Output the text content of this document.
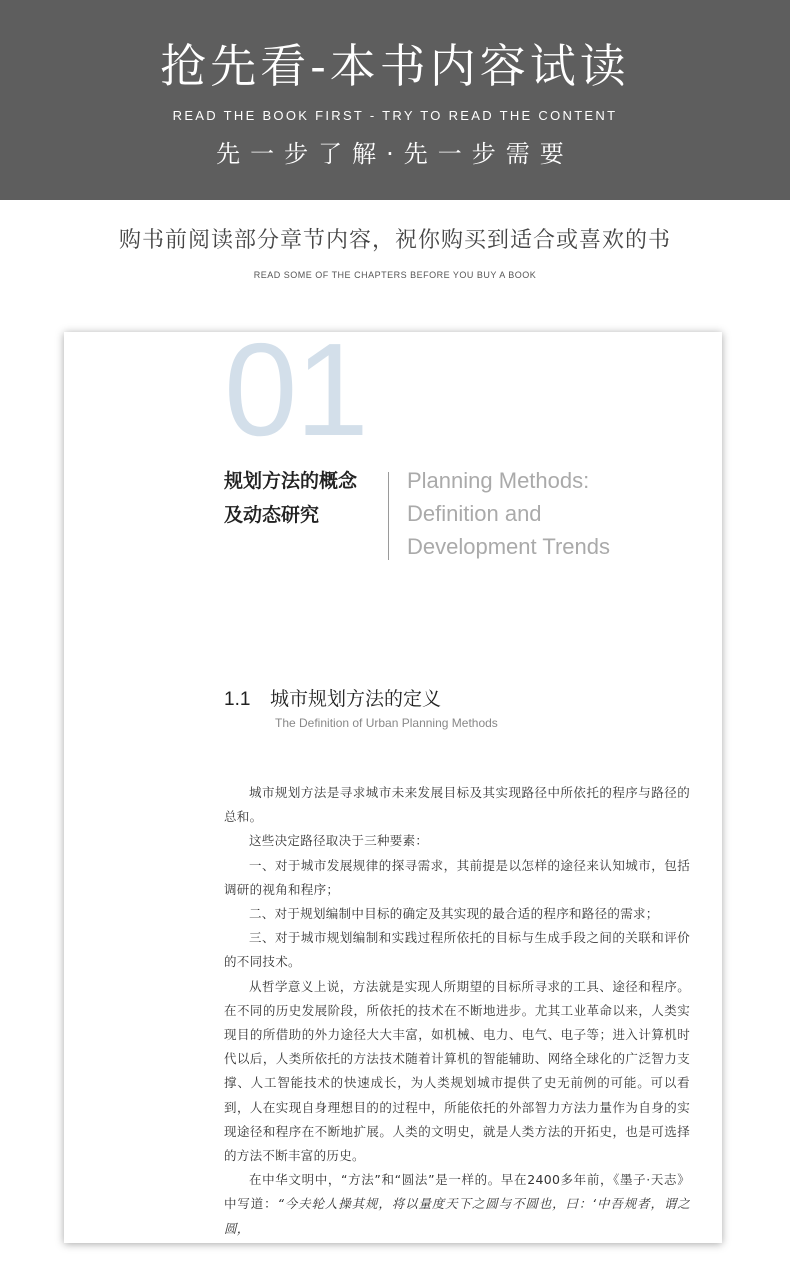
抢先看-本书内容试读
READ THE BOOK FIRST - TRY TO READ THE CONTENT
先一步了解·先一步需要
购书前阅读部分章节内容，祝你购买到适合或喜欢的书
READ SOME OF THE CHAPTERS BEFORE YOU BUY A BOOK
01
规划方法的概念
及动态研究
Planning Methods:
Definition and
Development Trends
1.1 城市规划方法的定义
The Definition of Urban Planning Methods

城市规划方法是寻求城市未来发展目标及其实现路径中所依托的程序与路径的总和。

这些决定路径取决于三种要素：

一、对于城市发展规律的探寻需求，其前提是以怎样的途径来认知城市，包括调研的视角和程序；

二、对于规划编制中目标的确定及其实现的最合适的程序和路径的需求；

三、对于城市规划编制和实践过程所依托的目标与生成手段之间的关联和评价的不同技术。

从哲学意义上说，方法就是实现人所期望的目标所寻求的工具、途径和程序。在不同的历史发展阶段，所依托的技术在不断地进步。尤其工业革命以来，人类实现目的所借助的外力途径大大丰富，如机械、电力、电气、电子等；进入计算机时代以后，人类所依托的方法技术随着计算机的智能辅助、网络全球化的广泛智力支撑、人工智能技术的快速成长，为人类规划城市提供了史无前例的可能。可以看到，人在实现自身理想目的的过程中，所能依托的外部智力方法力量作为自身的实现途径和程序在不断地扩展。人类的文明史，就是人类方法的开拓史，也是可选择的方法不断丰富的历史。

在中华文明中，“方法”和“圆法”是一样的。早在2400多年前，《墨子·天志》中写道：“今夫轮人操其规，将以量度天下之圆与不圆也，曰：‘中吾规者，谓之圆，
